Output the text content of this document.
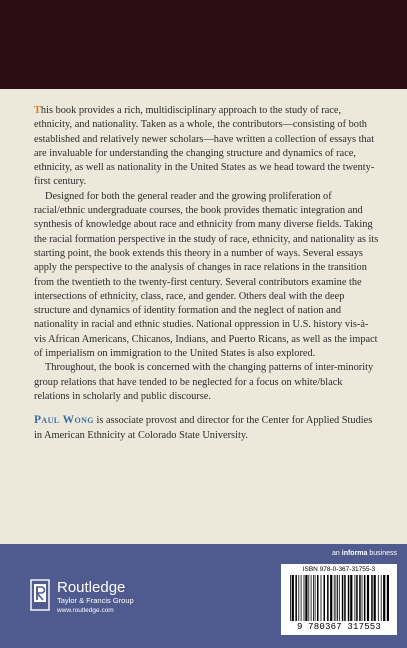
This book provides a rich, multidisciplinary approach to the study of race, ethnicity, and nationality. Taken as a whole, the contributors—consisting of both established and relatively newer scholars—have written a collection of essays that are invaluable for understanding the changing structure and dynamics of race, ethnicity, as well as nationality in the United States as we head toward the twenty-first century.

Designed for both the general reader and the growing proliferation of racial/ethnic undergraduate courses, the book provides thematic integration and synthesis of knowledge about race and ethnicity from many diverse fields. Taking the racial formation perspective in the study of race, ethnicity, and nationality as its starting point, the book extends this theory in a number of ways. Several essays apply the perspective to the analysis of changes in race relations in the transition from the twentieth to the twenty-first century. Several contributors examine the intersections of ethnicity, class, race, and gender. Others deal with the deep structure and dynamics of identity formation and the neglect of nation and nationality in racial and ethnic studies. National oppression in U.S. history vis-à-vis African Americans, Chicanos, Indians, and Puerto Ricans, as well as the impact of imperialism on immigration to the United States is also explored.

Throughout, the book is concerned with the changing patterns of inter-minority group relations that have tended to be neglected for a focus on white/black relations in scholarly and public discourse.

Paul Wong is associate provost and director for the Center for Applied Studies in American Ethnicity at Colorado State University.

an informa business
Routledge
Taylor & Francis Group
www.routledge.com
ISBN 978-0-367-31755-3
9 780367 317553
